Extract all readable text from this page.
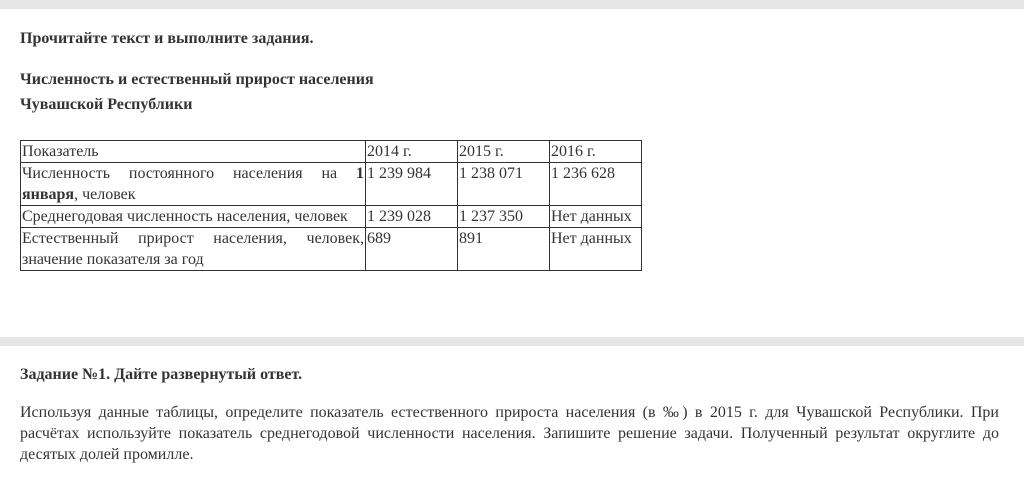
Прочитайте текст и выполните задания.
Численность и естественный прирост населения
Чувашской Республики
Показатель	2014 г.	2015 г.	2016 г.
Численность постоянного населения на 1 января, человек	1 239 984	1 238 071	1 236 628
Среднегодовая численность населения, человек	1 239 028	1 237 350	Нет данных
Естественный прирост населения, человек, значение показателя за год	689	891	Нет данных
Задание №1. Дайте развернутый ответ.
Используя данные таблицы, определите показатель естественного прироста населения (в ‰) в 2015 г. для Чувашской Республики. При расчётах используйте показатель среднегодовой численности населения. Запишите решение задачи. Полученный результат округлите до десятых долей промилле.
